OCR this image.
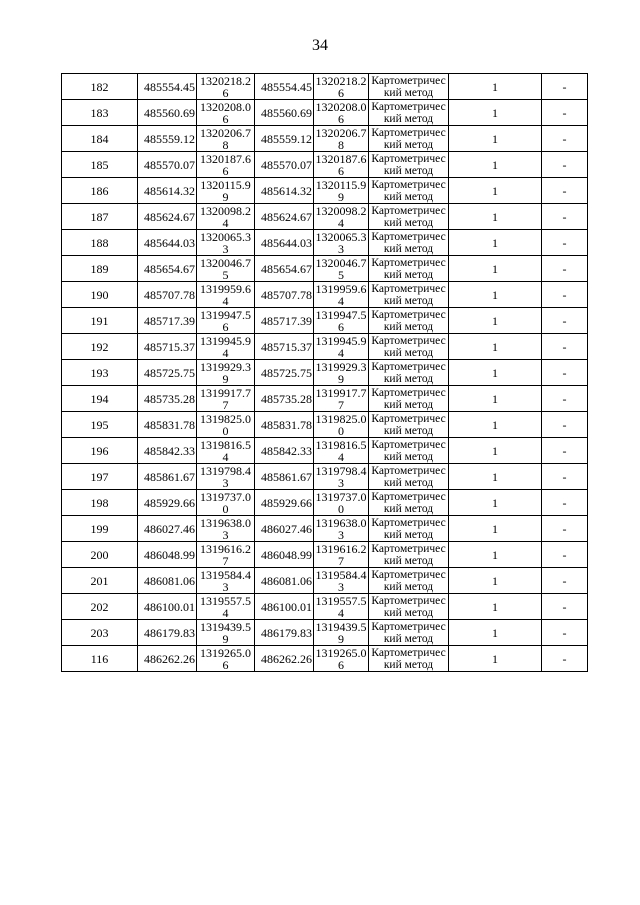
34
182	485554.45	1320218.26	485554.45	1320218.26	Картометрический метод	1	-
183	485560.69	1320208.06	485560.69	1320208.06	Картометрический метод	1	-
184	485559.12	1320206.78	485559.12	1320206.78	Картометрический метод	1	-
185	485570.07	1320187.66	485570.07	1320187.66	Картометрический метод	1	-
186	485614.32	1320115.99	485614.32	1320115.99	Картометрический метод	1	-
187	485624.67	1320098.24	485624.67	1320098.24	Картометрический метод	1	-
188	485644.03	1320065.33	485644.03	1320065.33	Картометрический метод	1	-
189	485654.67	1320046.75	485654.67	1320046.75	Картометрический метод	1	-
190	485707.78	1319959.64	485707.78	1319959.64	Картометрический метод	1	-
191	485717.39	1319947.56	485717.39	1319947.56	Картометрический метод	1	-
192	485715.37	1319945.94	485715.37	1319945.94	Картометрический метод	1	-
193	485725.75	1319929.39	485725.75	1319929.39	Картометрический метод	1	-
194	485735.28	1319917.77	485735.28	1319917.77	Картометрический метод	1	-
195	485831.78	1319825.00	485831.78	1319825.00	Картометрический метод	1	-
196	485842.33	1319816.54	485842.33	1319816.54	Картометрический метод	1	-
197	485861.67	1319798.43	485861.67	1319798.43	Картометрический метод	1	-
198	485929.66	1319737.00	485929.66	1319737.00	Картометрический метод	1	-
199	486027.46	1319638.03	486027.46	1319638.03	Картометрический метод	1	-
200	486048.99	1319616.27	486048.99	1319616.27	Картометрический метод	1	-
201	486081.06	1319584.43	486081.06	1319584.43	Картометрический метод	1	-
202	486100.01	1319557.54	486100.01	1319557.54	Картометрический метод	1	-
203	486179.83	1319439.59	486179.83	1319439.59	Картометрический метод	1	-
116	486262.26	1319265.06	486262.26	1319265.06	Картометрический метод	1	-
